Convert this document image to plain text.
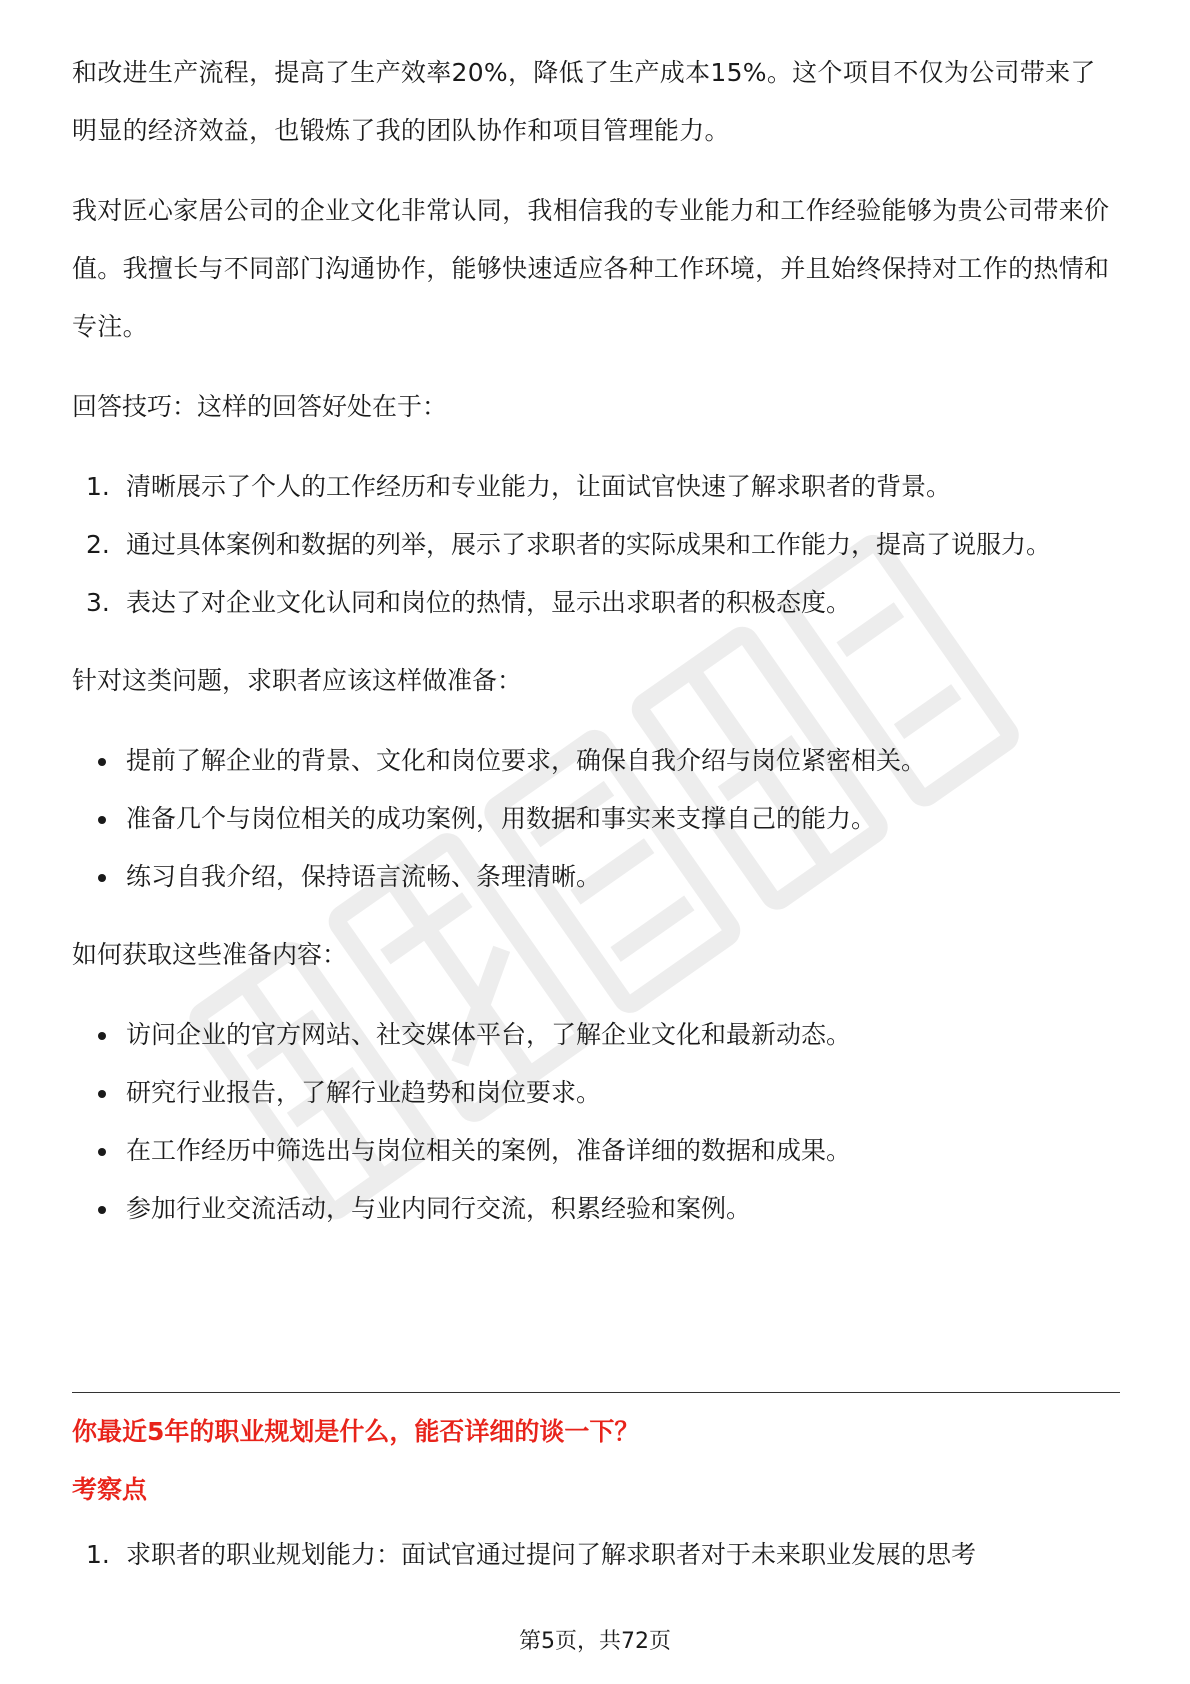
和改进生产流程，提高了生产效率20%，降低了生产成本15%。这个项目不仅为公司带来了明显的经济效益，也锻炼了我的团队协作和项目管理能力。

我对匠心家居公司的企业文化非常认同，我相信我的专业能力和工作经验能够为贵公司带来价值。我擅长与不同部门沟通协作，能够快速适应各种工作环境，并且始终保持对工作的热情和专注。

回答技巧：这样的回答好处在于：

1. 清晰展示了个人的工作经历和专业能力，让面试官快速了解求职者的背景。
2. 通过具体案例和数据的列举，展示了求职者的实际成果和工作能力，提高了说服力。
3. 表达了对企业文化认同和岗位的热情，显示出求职者的积极态度。

针对这类问题，求职者应该这样做准备：

提前了解企业的背景、文化和岗位要求，确保自我介绍与岗位紧密相关。
准备几个与岗位相关的成功案例，用数据和事实来支撑自己的能力。
练习自我介绍，保持语言流畅、条理清晰。

如何获取这些准备内容：

访问企业的官方网站、社交媒体平台，了解企业文化和最新动态。
研究行业报告，了解行业趋势和岗位要求。
在工作经历中筛选出与岗位相关的案例，准备详细的数据和成果。
参加行业交流活动，与业内同行交流，积累经验和案例。
你最近5年的职业规划是什么，能否详细的谈一下？
考察点
1. 求职者的职业规划能力：面试官通过提问了解求职者对于未来职业发展的思考
第5页，共72页
